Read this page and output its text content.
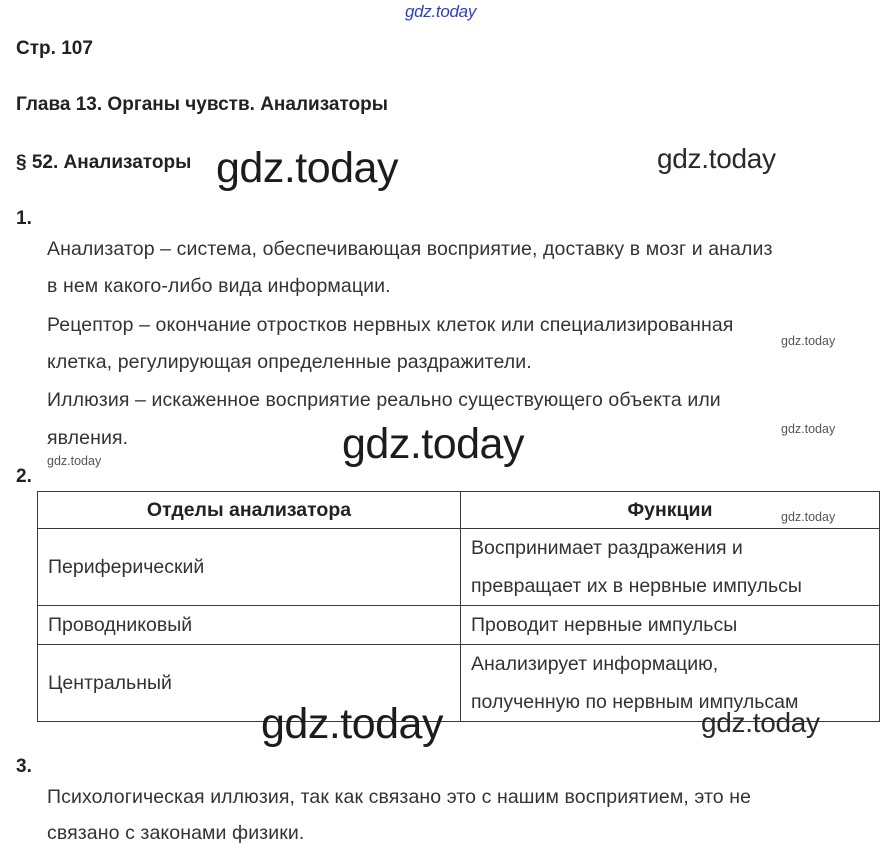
gdz.today
Стр. 107
Глава 13. Органы чувств. Анализаторы
§ 52. Анализаторы gdz.today	gdz.today
1.
Анализатор – система, обеспечивающая восприятие, доставку в мозг и анализ
в нем какого-либо вида информации.
Рецептор – окончание отростков нервных клеток или специализированная
gdz.today
клетка, регулирующая определенные раздражители.
Иллюзия – искаженное восприятие реально существующего объекта или
gdz.today
явления.	gdz.today
gdz.today
2.
Отделы анализатора	Функции
Периферический	Воспринимает раздражения и
превращает их в нервные импульсы
Проводниковый	Проводит нервные импульсы
Центральный	Анализирует информацию,
полученную по нервным импульсам
gdz.today
gdz.today	gdz.today
3.
Психологическая иллюзия, так как связано это с нашим восприятием, это не
связано с законами физики.
